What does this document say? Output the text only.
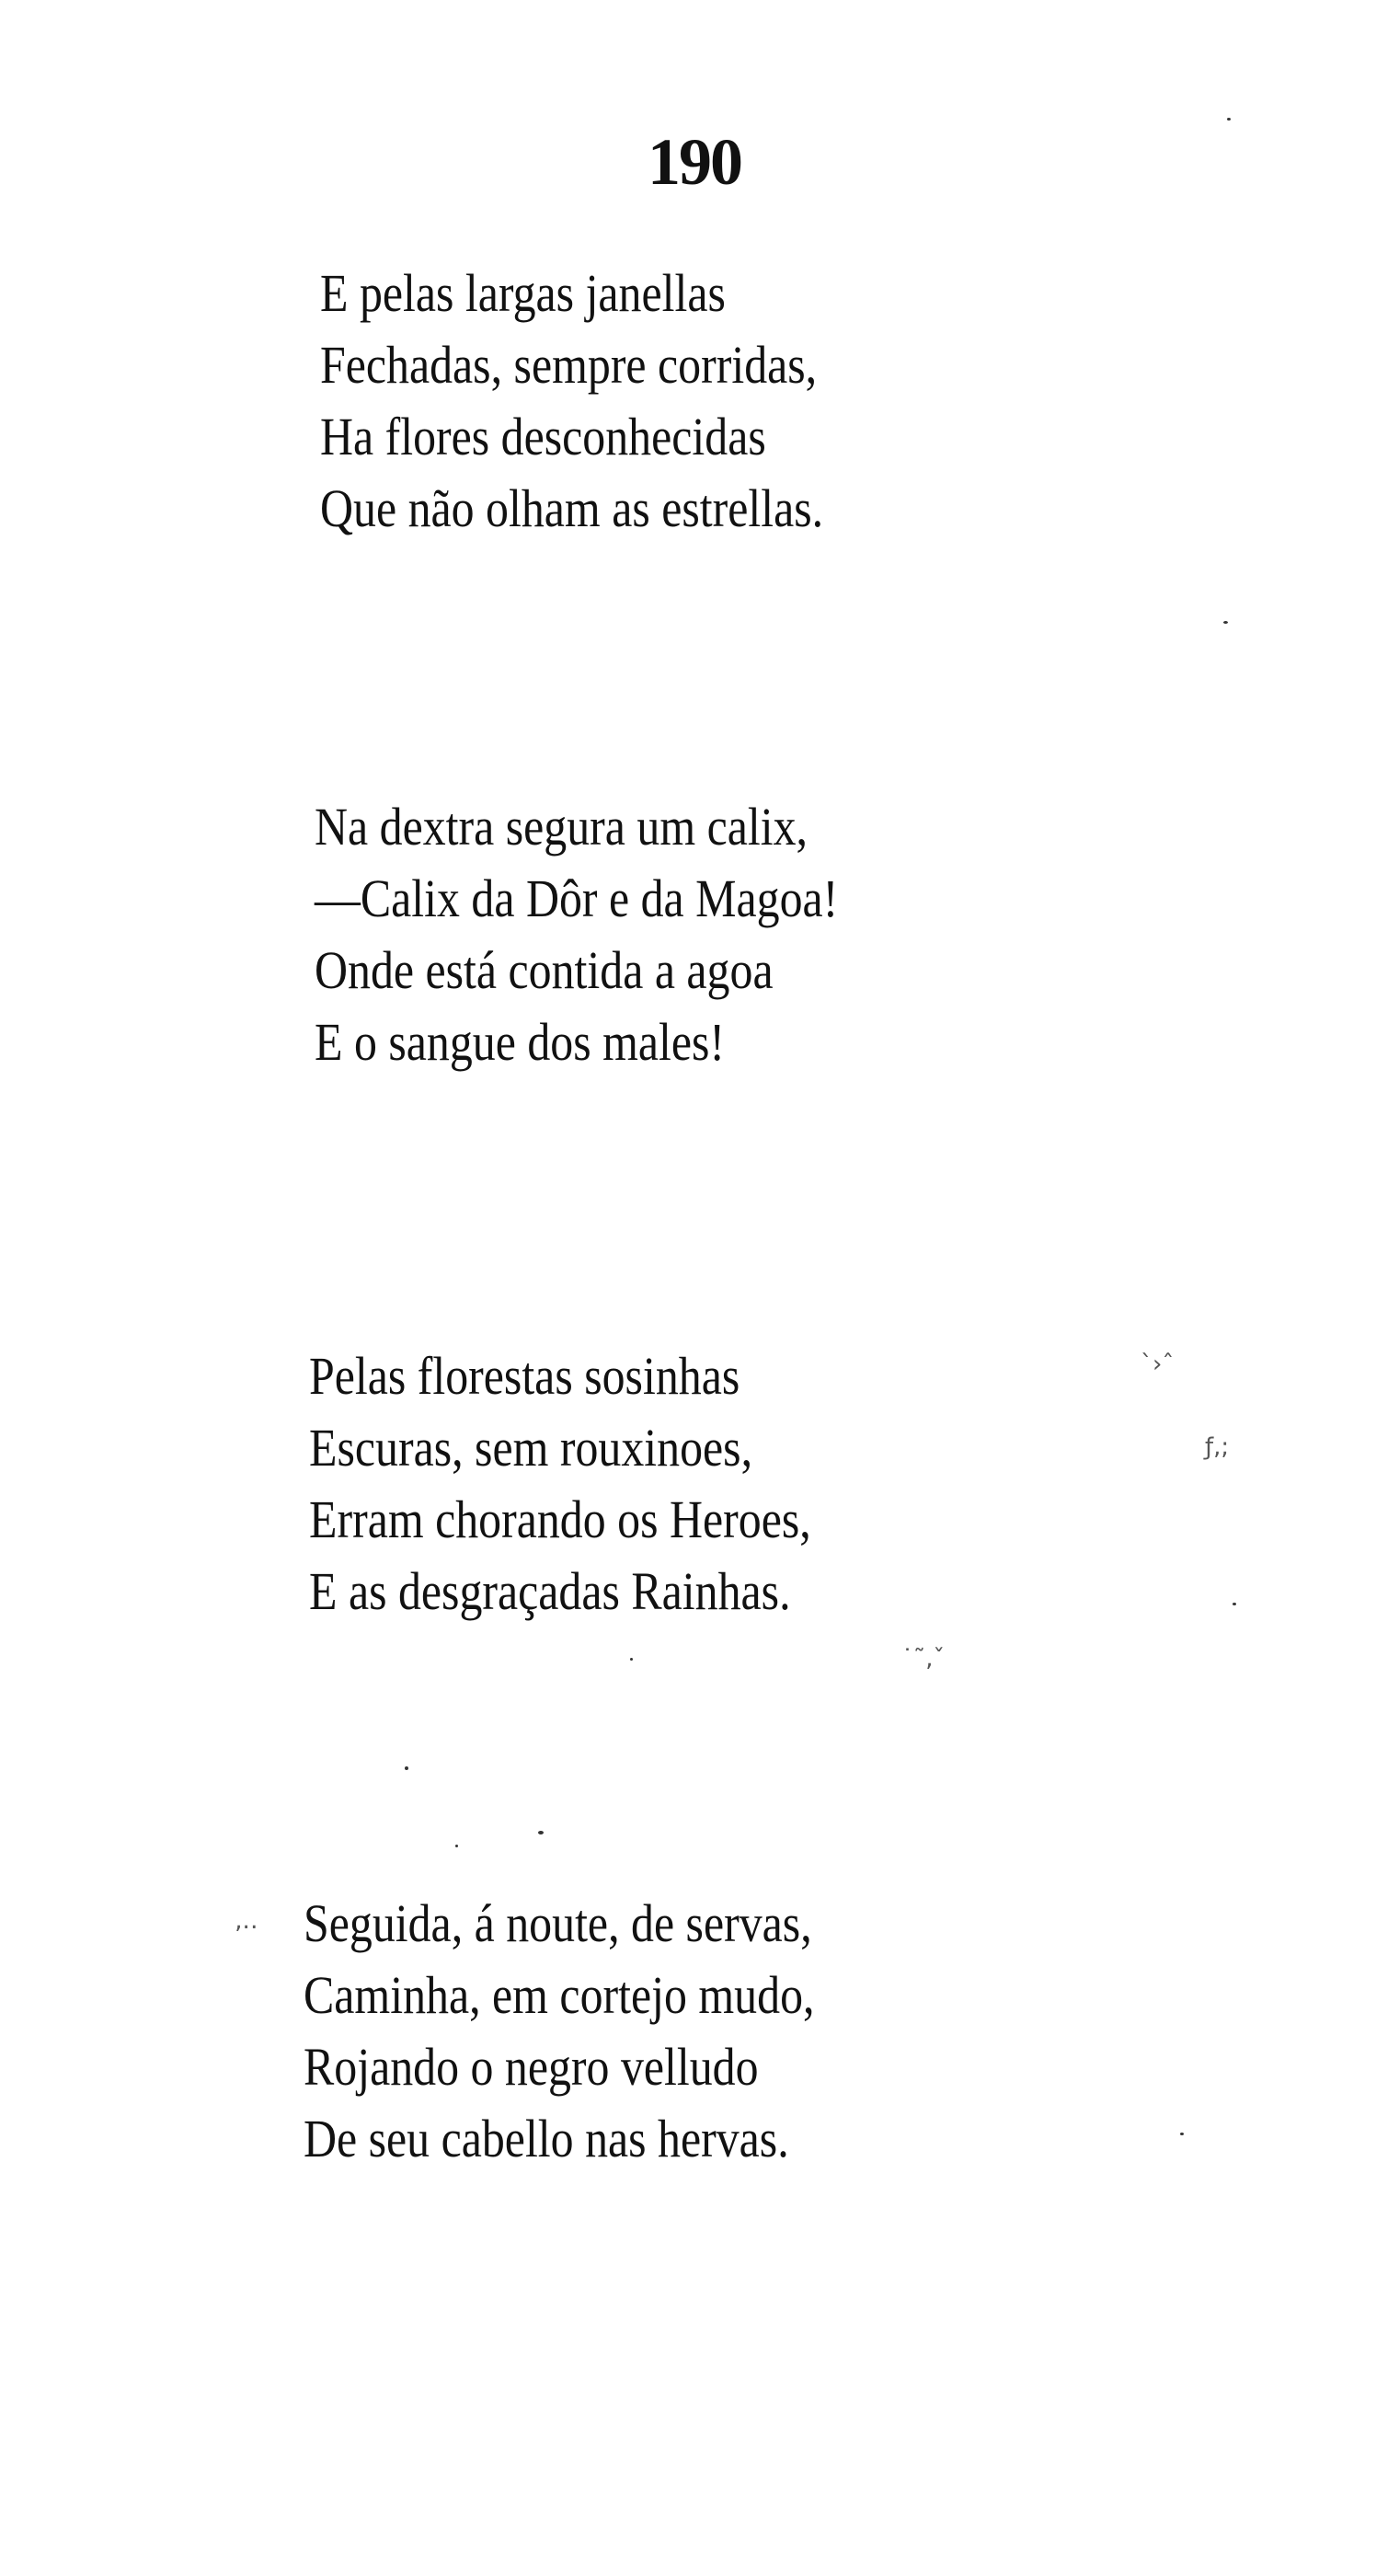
190
E pelas largas janellas
Fechadas, sempre corridas,
Ha flores desconhecidas
Que não olham as estrellas.
Na dextra segura um calix,
—Calix da Dôr e da Magoa!
Onde está contida a agoa
E o sangue dos males!
Pelas florestas sosinhas
Escuras, sem rouxinoes,
Erram chorando os Heroes,
E as desgraçadas Rainhas.
Seguida, á noute, de servas,
Caminha, em cortejo mudo,
Rojando o negro velludo
De seu cabello nas hervas.
ˋ›ˆ
ƒ,;
˙˜‚ˇ
‚‥
